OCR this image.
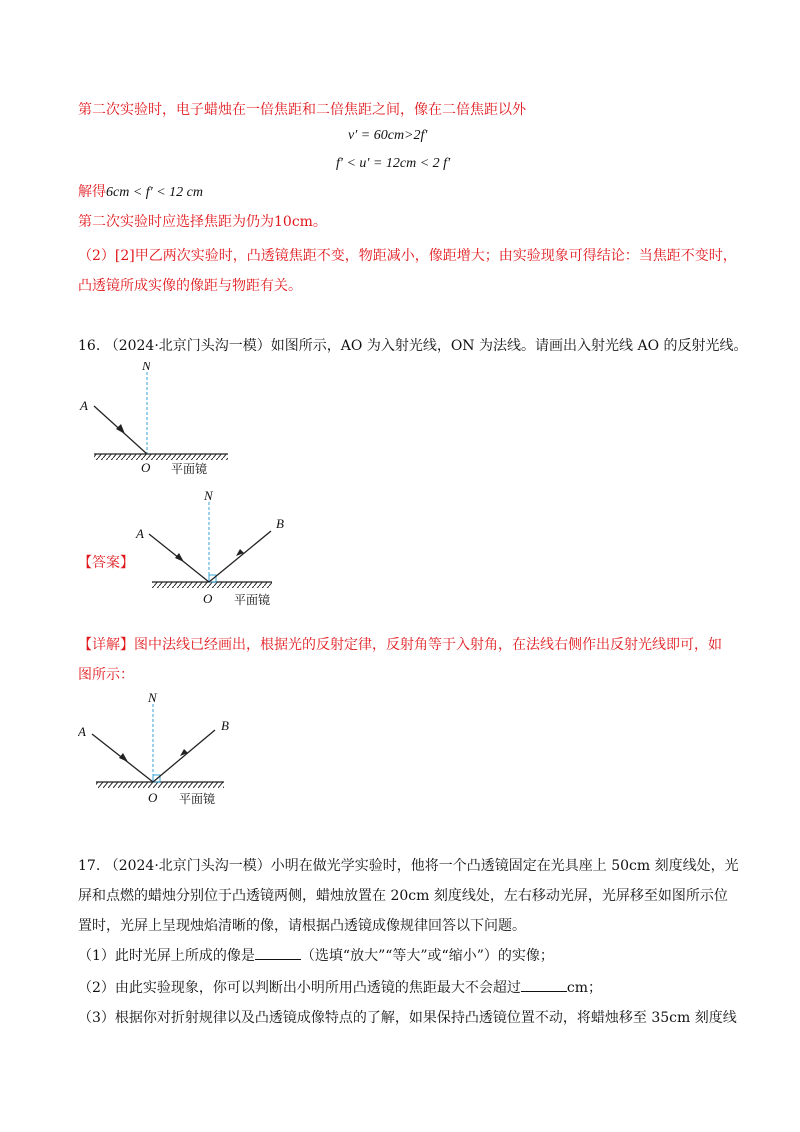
第二次实验时，电子蜡烛在一倍焦距和二倍焦距之间，像在二倍焦距以外
v′ = 60cm>2f′
f′ < u′ = 12cm < 2 f′
解得6cm < f′ < 12 cm
第二次实验时应选择焦距为仍为10cm。
（2）[2]甲乙两次实验时，凸透镜焦距不变，物距减小，像距增大；由实验现象可得结论：当焦距不变时，
凸透镜所成实像的像距与物距有关。
16. （2024·北京门头沟一模）如图所示，AO 为入射光线，ON 为法线。请画出入射光线 AO 的反射光线。
A
N
O 平面镜
【答案】
A
N
B
O 平面镜
【详解】图中法线已经画出，根据光的反射定律，反射角等于入射角，在法线右侧作出反射光线即可，如
图所示：
A
N
B
O 平面镜
17. （2024·北京门头沟一模）小明在做光学实验时，他将一个凸透镜固定在光具座上 50cm 刻度线处，光
屏和点燃的蜡烛分别位于凸透镜两侧，蜡烛放置在 20cm 刻度线处，左右移动光屏，光屏移至如图所示位
置时，光屏上呈现烛焰清晰的像，请根据凸透镜成像规律回答以下问题。
（1）此时光屏上所成的像是	（选填“放大”“等大”或“缩小”）的实像；
（2）由此实验现象，你可以判断出小明所用凸透镜的焦距最大不会超过	cm；
（3）根据你对折射规律以及凸透镜成像特点的了解，如果保持凸透镜位置不动，将蜡烛移至 35cm 刻度线
